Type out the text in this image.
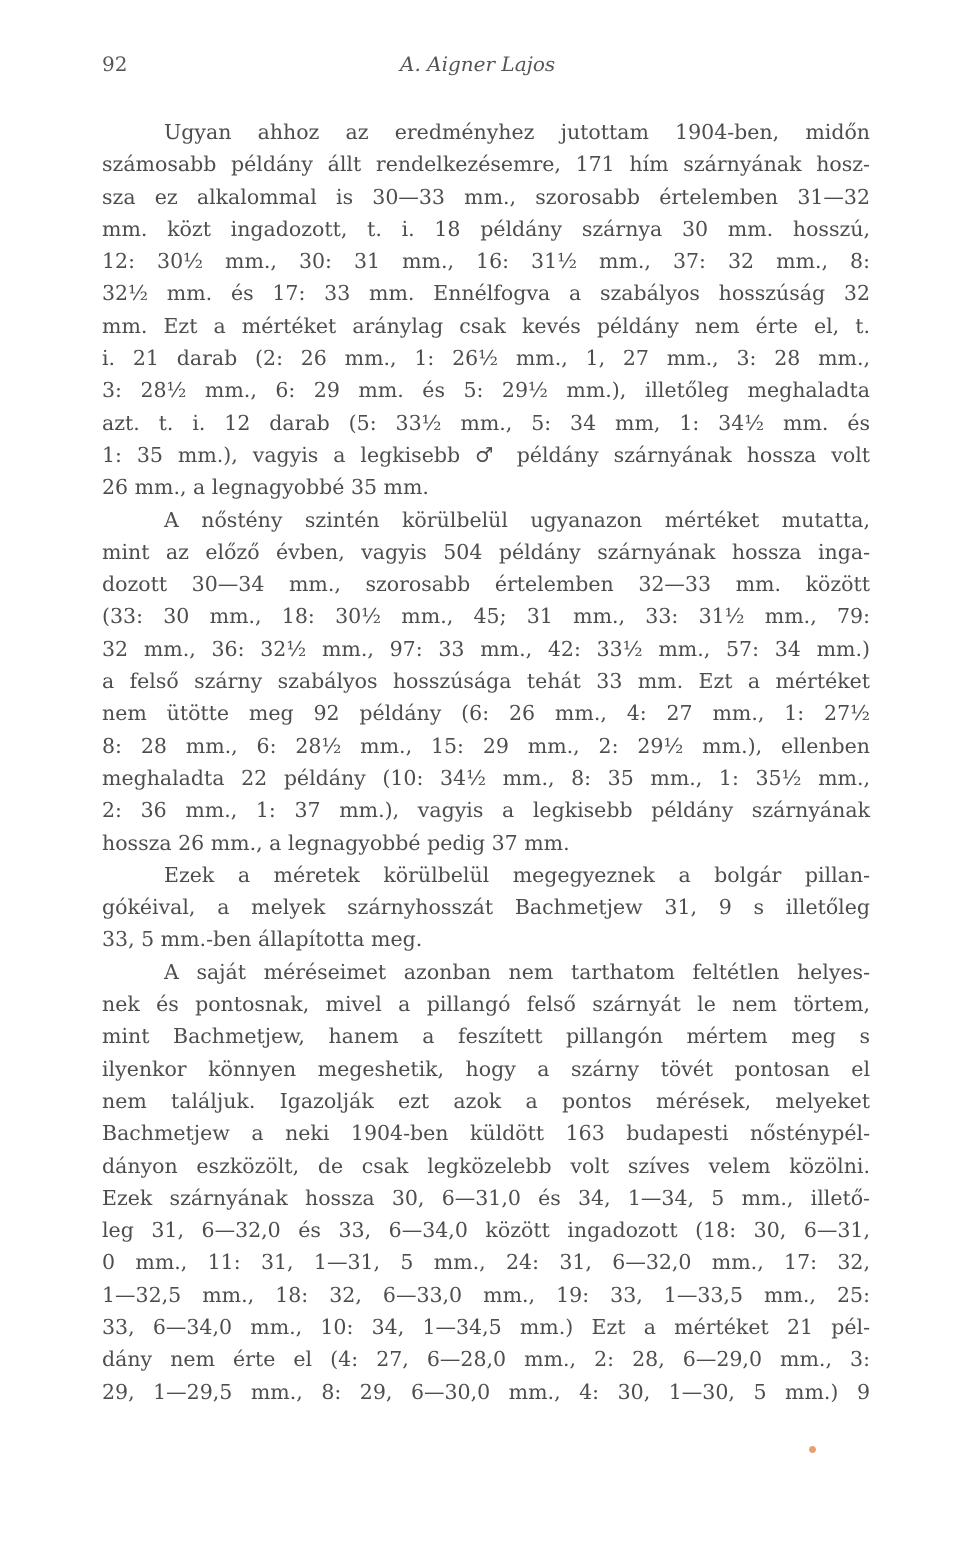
92	A. Aigner Lajos
Ugyan ahhoz az eredményhez jutottam 1904-ben, midőn
számosabb példány állt rendelkezésemre, 171 hím szárnyának hosz-
sza ez alkalommal is 30—33 mm., szorosabb értelemben 31—32
mm. közt ingadozott, t. i. 18 példány szárnya 30 mm. hosszú,
12: 30½ mm., 30: 31 mm., 16: 31½ mm., 37: 32 mm., 8:
32½ mm. és 17: 33 mm. Ennélfogva a szabályos hosszúság 32
mm. Ezt a mértéket aránylag csak kevés példány nem érte el, t.
i. 21 darab (2: 26 mm., 1: 26½ mm., 1, 27 mm., 3: 28 mm.,
3: 28½ mm., 6: 29 mm. és 5: 29½ mm.), illetőleg meghaladta
azt. t. i. 12 darab (5: 33½ mm., 5: 34 mm, 1: 34½ mm. és
1: 35 mm.), vagyis a legkisebb ♂ példány szárnyának hossza volt
26 mm., a legnagyobbé 35 mm.
A nőstény szintén körülbelül ugyanazon mértéket mutatta,
mint az előző évben, vagyis 504 példány szárnyának hossza inga-
dozott 30—34 mm., szorosabb értelemben 32—33 mm. között
(33: 30 mm., 18: 30½ mm., 45; 31 mm., 33: 31½ mm., 79:
32 mm., 36: 32½ mm., 97: 33 mm., 42: 33½ mm., 57: 34 mm.)
a felső szárny szabályos hosszúsága tehát 33 mm. Ezt a mértéket
nem ütötte meg 92 példány (6: 26 mm., 4: 27 mm., 1: 27½
8: 28 mm., 6: 28½ mm., 15: 29 mm., 2: 29½ mm.), ellenben
meghaladta 22 példány (10: 34½ mm., 8: 35 mm., 1: 35½ mm.,
2: 36 mm., 1: 37 mm.), vagyis a legkisebb példány szárnyának
hossza 26 mm., a legnagyobbé pedig 37 mm.
Ezek a méretek körülbelül megegyeznek a bolgár pillan-
gókéival, a melyek szárnyhosszát Bachmetjew 31, 9 s illetőleg
33, 5 mm.-ben állapította meg.
A saját méréseimet azonban nem tarthatom feltétlen helyes-
nek és pontosnak, mivel a pillangó felső szárnyát le nem törtem,
mint Bachmetjew, hanem a feszített pillangón mértem meg s
ilyenkor könnyen megeshetik, hogy a szárny tövét pontosan el
nem találjuk. Igazolják ezt azok a pontos mérések, melyeket
Bachmetjew a neki 1904-ben küldött 163 budapesti nősténypél-
dányon eszközölt, de csak legközelebb volt szíves velem közölni.
Ezek szárnyának hossza 30, 6—31,0 és 34, 1—34, 5 mm., illető-
leg 31, 6—32,0 és 33, 6—34,0 között ingadozott (18: 30, 6—31,
0 mm., 11: 31, 1—31, 5 mm., 24: 31, 6—32,0 mm., 17: 32,
1—32,5 mm., 18: 32, 6—33,0 mm., 19: 33, 1—33,5 mm., 25:
33, 6—34,0 mm., 10: 34, 1—34,5 mm.) Ezt a mértéket 21 pél-
dány nem érte el (4: 27, 6—28,0 mm., 2: 28, 6—29,0 mm., 3:
29, 1—29,5 mm., 8: 29, 6—30,0 mm., 4: 30, 1—30, 5 mm.) 9
